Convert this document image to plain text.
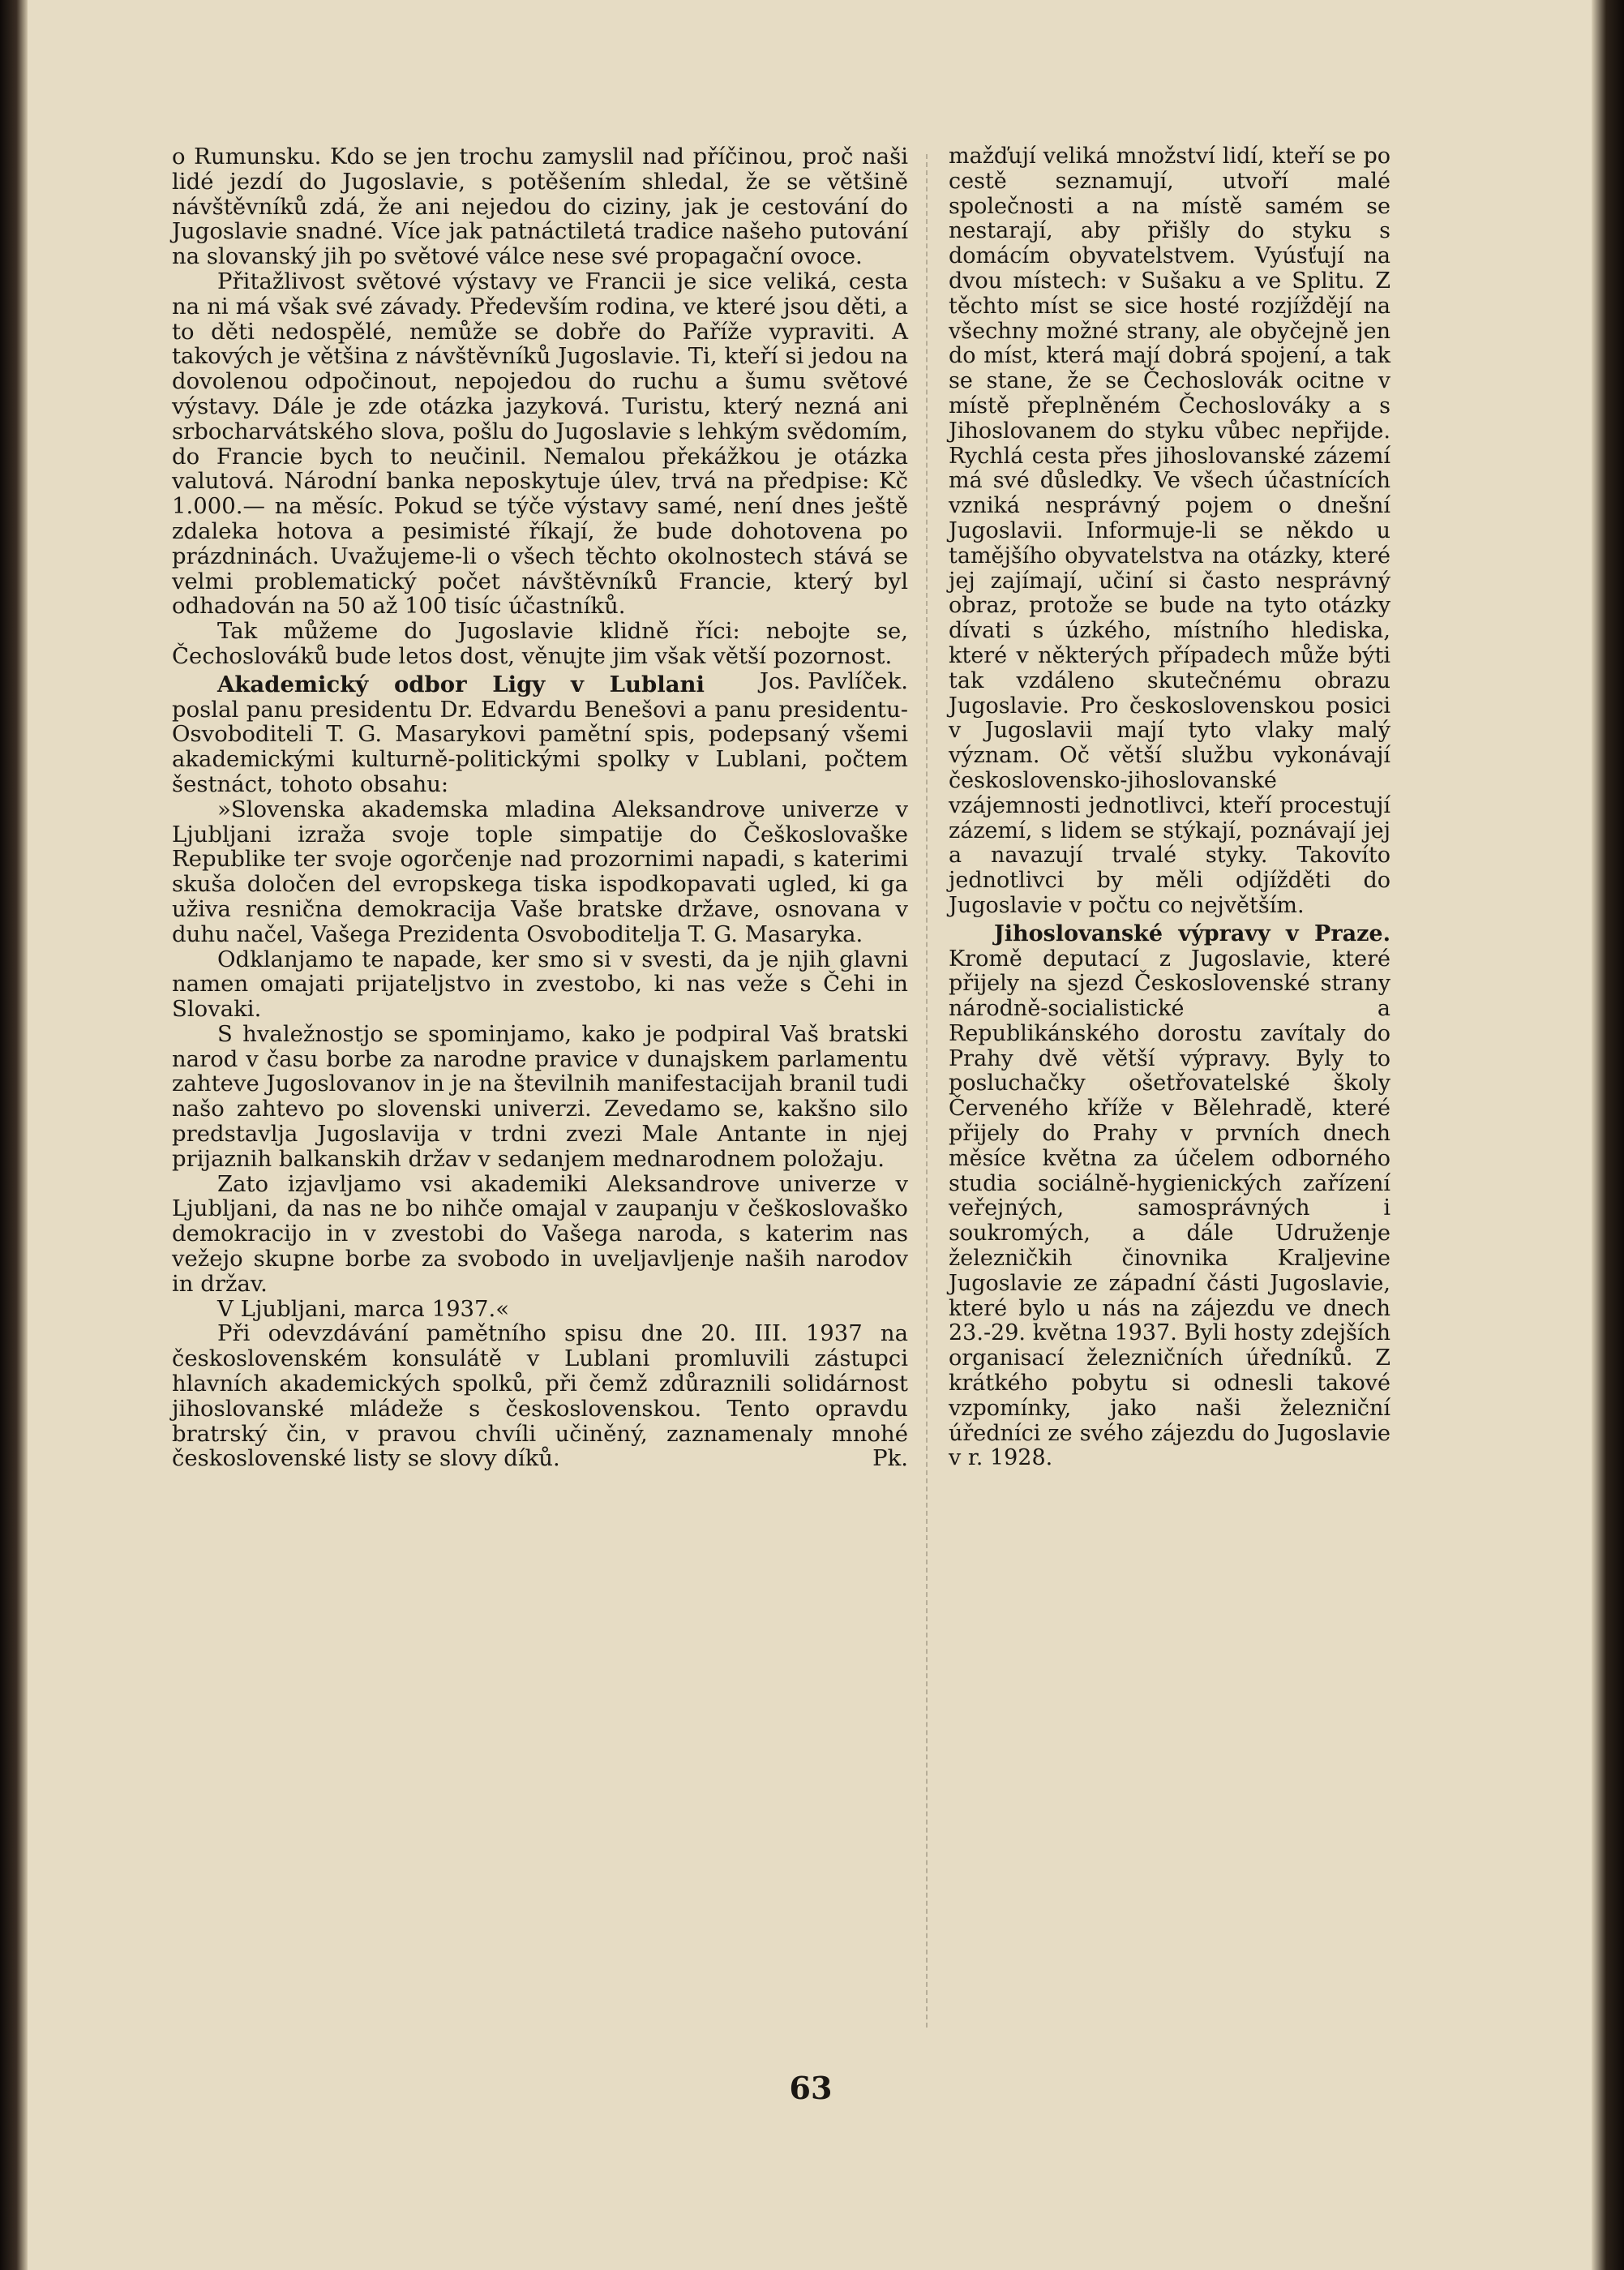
o Rumunsku. Kdo se jen trochu zamyslil nad příčinou, proč naši lidé jezdí do Jugoslavie, s potěšením shledal, že se většině návštěvníků zdá, že ani nejedou do ciziny, jak je cestování do Jugoslavie snadné. Více jak patnáctiletá tradice našeho putování na slovanský jih po světové válce nese své propagační ovoce.

Přitažlivost světové výstavy ve Francii je sice veliká, cesta na ni má však své závady. Především rodina, ve které jsou děti, a to děti nedospělé, nemůže se dobře do Paříže vypraviti. A takových je většina z návštěvníků Jugoslavie. Ti, kteří si jedou na dovolenou odpočinout, nepojedou do ruchu a šumu světové výstavy. Dále je zde otázka jazyková. Turistu, který nezná ani srbocharvátského slova, pošlu do Jugoslavie s lehkým svědomím, do Francie bych to neučinil. Nemalou překážkou je otázka valutová. Národní banka neposkytuje úlev, trvá na předpise: Kč 1.000.— na měsíc. Pokud se týče výstavy samé, není dnes ještě zdaleka hotova a pesimisté říkají, že bude dohotovena po prázdninách. Uvažujeme-li o všech těchto okolnostech stává se velmi problematický počet návštěvníků Francie, který byl odhadován na 50 až 100 tisíc účastníků.

Tak můžeme do Jugoslavie klidně říci: nebojte se, Čechoslováků bude letos dost, věnujte jim však větší pozornost.
Jos. Pavlíček.

Akademický odbor Ligy v Lublani poslal panu presidentu Dr. Edvardu Benešovi a panu presidentu-Osvoboditeli T. G. Masarykovi pamětní spis, podepsaný všemi akademickými kulturně-politickými spolky v Lublani, počtem šestnáct, tohoto obsahu:

»Slovenska akademska mladina Aleksandrove univerze v Ljubljani izraža svoje tople simpatije do Češkoslovaške Republike ter svoje ogorčenje nad prozornimi napadi, s katerimi skuša določen del evropskega tiska ispodkopavati ugled, ki ga uživa resnična demokracija Vaše bratske države, osnovana v duhu načel, Vašega Prezidenta Osvoboditelja T. G. Masaryka.

Odklanjamo te napade, ker smo si v svesti, da je njih glavni namen omajati prijateljstvo in zvestobo, ki nas veže s Čehi in Slovaki.

S hvaležnostjo se spominjamo, kako je podpiral Vaš bratski narod v času borbe za narodne pravice v dunajskem parlamentu zahteve Jugoslovanov in je na številnih manifestacijah branil tudi našo zahtevo po slovenski univerzi. Zevedamo se, kakšno silo predstavlja Jugoslavija v trdni zvezi Male Antante in njej prijaznih balkanskih držav v sedanjem mednarodnem položaju.

Zato izjavljamo vsi akademiki Aleksandrove univerze v Ljubljani, da nas ne bo nihče omajal v zaupanju v češkoslovaško demokracijo in v zvestobi do Vašega naroda, s katerim nas vežejo skupne borbe za svobodo in uveljavljenje naših narodov in držav.

V Ljubljani, marca 1937.«

Při odevzdávání pamětního spisu dne 20. III. 1937 na československém konsulátě v Lublani promluvili zástupci hlavních akademických spolků, při čemž zdůraznili solidárnost jihoslovanské mládeže s československou. Tento opravdu bratrský čin, v pravou chvíli učiněný, zaznamenaly mnohé československé listy se slovy díků.	Pk.

mažďují veliká množství lidí, kteří se po cestě seznamují, utvoří malé společnosti a na místě samém se nestarají, aby přišly do styku s domácím obyvatelstvem. Vyúsťují na dvou místech: v Sušaku a ve Splitu. Z těchto míst se sice hosté rozjíždějí na všechny možné strany, ale obyčejně jen do míst, která mají dobrá spojení, a tak se stane, že se Čechoslovák ocitne v místě přeplněném Čechoslováky a s Jihoslovanem do styku vůbec nepřijde. Rychlá cesta přes jihoslovanské zázemí má své důsledky. Ve všech účastnících vzniká nesprávný pojem o dnešní Jugoslavii. Informuje-li se někdo u tamějšího obyvatelstva na otázky, které jej zajímají, učiní si často nesprávný obraz, protože se bude na tyto otázky dívati s úzkého, místního hlediska, které v některých případech může býti tak vzdáleno skutečnému obrazu Jugoslavie. Pro československou posici v Jugoslavii mají tyto vlaky malý význam. Oč větší službu vykonávají československo-jihoslovanské vzájemnosti jednotlivci, kteří procestují zázemí, s lidem se stýkají, poznávají jej a navazují trvalé styky. Takovíto jednotlivci by měli odjížděti do Jugoslavie v počtu co největším.

Jihoslovanské výpravy v Praze. Kromě deputací z Jugoslavie, které přijely na sjezd Československé strany národně-socialistické a Republikánského dorostu zavítaly do Prahy dvě větší výpravy. Byly to posluchačky ošetřovatelské školy Červeného kříže v Bělehradě, které přijely do Prahy v prvních dnech měsíce května za účelem odborného studia sociálně-hygienických zařízení veřejných, samosprávných i soukromých, a dále Udruženje železničkih činovnika Kraljevine Jugoslavie ze západní části Jugoslavie, které bylo u nás na zájezdu ve dnech 23.-29. května 1937. Byli hosty zdejších organisací železničních úředníků. Z krátkého pobytu si odnesli takové vzpomínky, jako naši železniční úředníci ze svého zájezdu do Jugoslavie v r. 1928.

63
